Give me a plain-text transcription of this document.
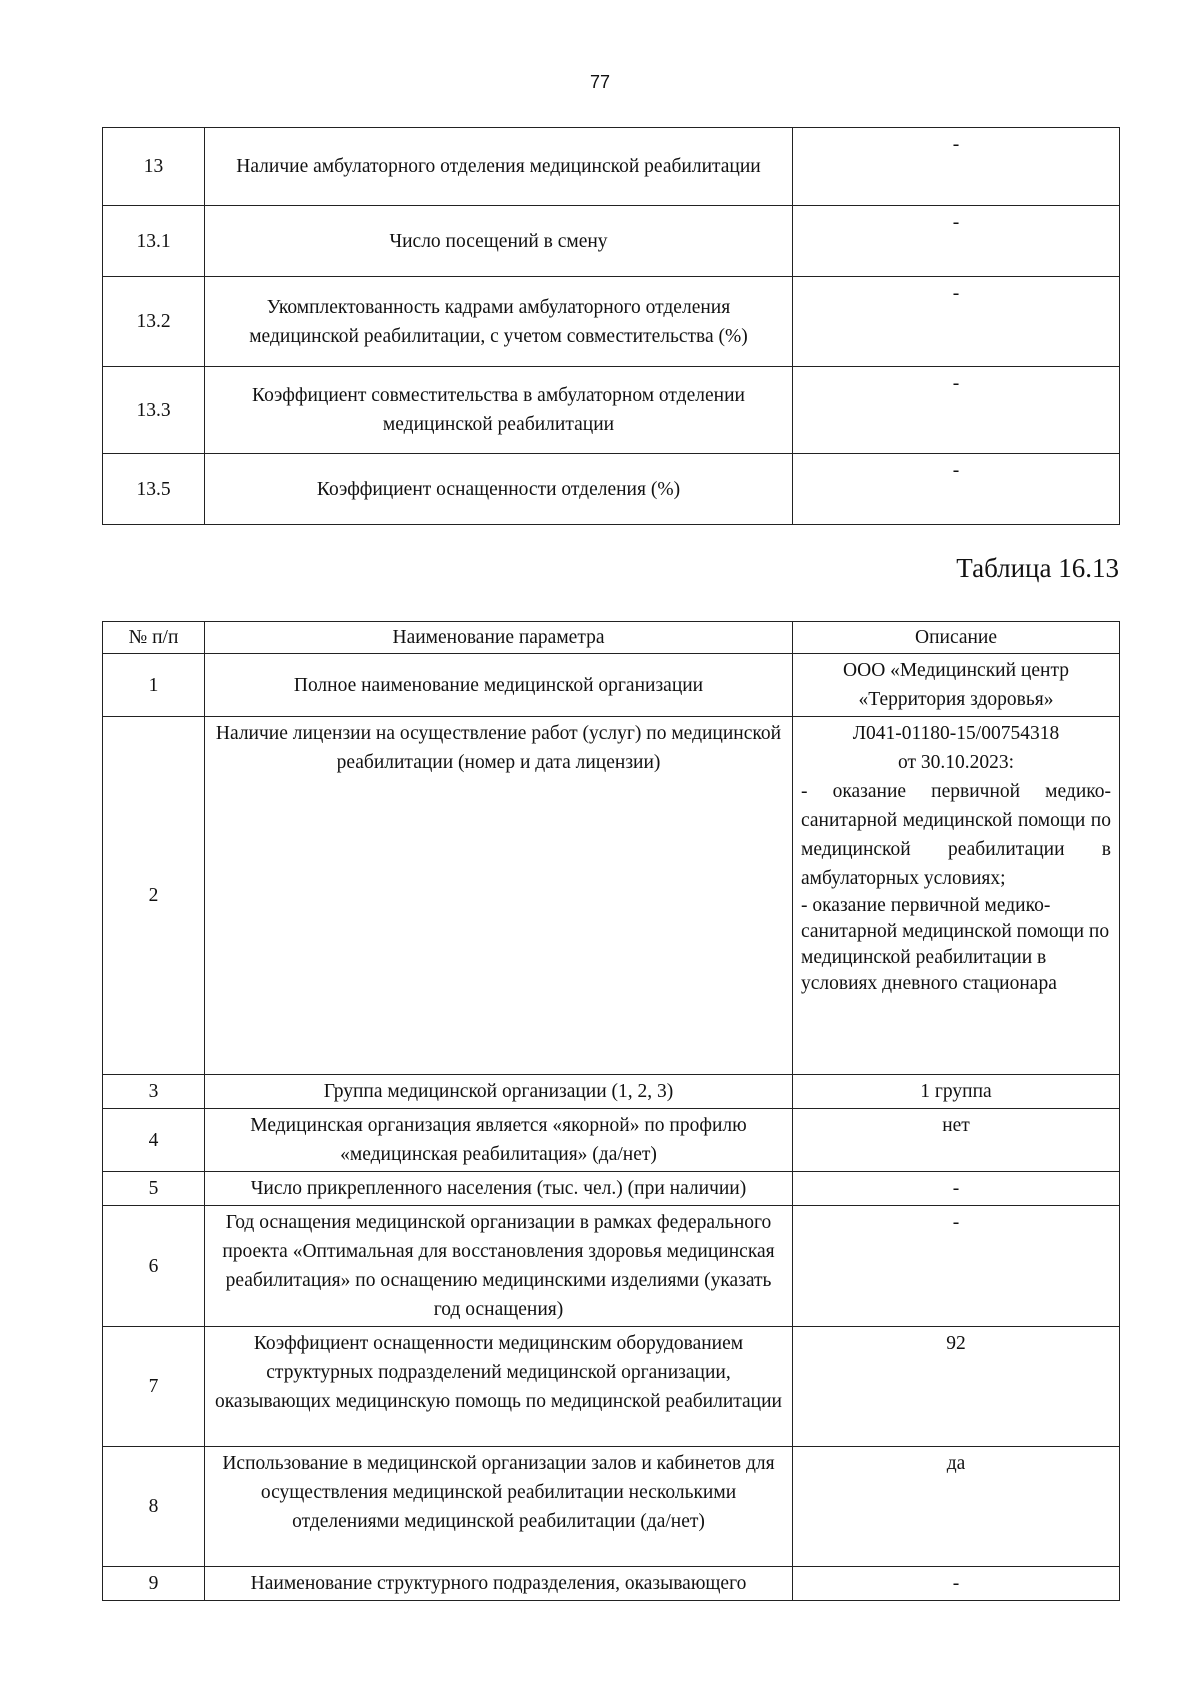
77
13	Наличие амбулаторного отделения медицинской реабилитации	-
13.1	Число посещений в смену	-
13.2	Укомплектованность кадрами амбулаторного отделения медицинской реабилитации, с учетом совместительства (%)	-
13.3	Коэффициент совместительства в амбулаторном отделении медицинской реабилитации	-
13.5	Коэффициент оснащенности отделения (%)	-
Таблица 16.13
№ п/п	Наименование параметра	Описание
1	Полное наименование медицинской организации	ООО «Медицинский центр «Территория здоровья»
2	Наличие лицензии на осуществление работ (услуг) по медицинской реабилитации (номер и дата лицензии)	Л041-01180-15/00754318
от 30.10.2023:
- оказание первичной медико-санитарной медицинской помощи по медицинской реабилитации в амбулаторных условиях;
- оказание первичной медико-санитарной медицинской помощи по медицинской реабилитации в условиях дневного стационара

3	Группа медицинской организации (1, 2, 3)	1 группа
4	Медицинская организация является «якорной» по профилю «медицинская реабилитация» (да/нет)	нет
5	Число прикрепленного населения (тыс. чел.) (при наличии)	-
6	Год оснащения медицинской организации в рамках федерального проекта «Оптимальная для восстановления здоровья медицинская реабилитация» по оснащению медицинскими изделиями (указать год оснащения)	-
7	Коэффициент оснащенности медицинским оборудованием структурных подразделений медицинской организации, оказывающих медицинскую помощь по медицинской реабилитации	92
8	Использование в медицинской организации залов и кабинетов для осуществления медицинской реабилитации несколькими отделениями медицинской реабилитации (да/нет)	да
9	Наименование структурного подразделения, оказывающего	-
